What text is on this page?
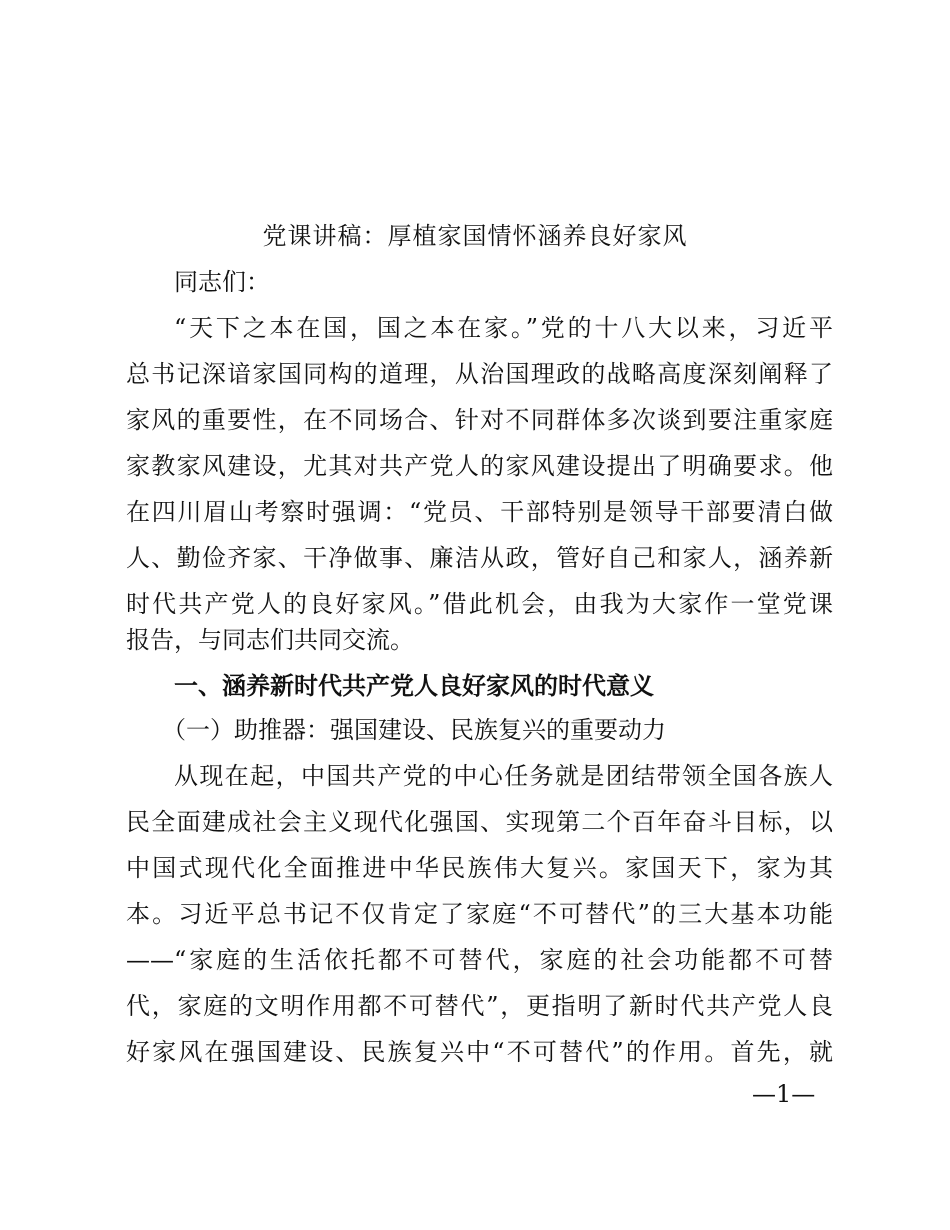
党课讲稿：厚植家国情怀涵养良好家风
同志们：
“天下之本在国，国之本在家。”党的十八大以来，习近平
总书记深谙家国同构的道理，从治国理政的战略高度深刻阐释了
家风的重要性，在不同场合、针对不同群体多次谈到要注重家庭
家教家风建设，尤其对共产党人的家风建设提出了明确要求。他
在四川眉山考察时强调：“党员、干部特别是领导干部要清白做
人、勤俭齐家、干净做事、廉洁从政，管好自己和家人，涵养新
时代共产党人的良好家风。”借此机会，由我为大家作一堂党课
报告，与同志们共同交流。
一、涵养新时代共产党人良好家风的时代意义
（一）助推器：强国建设、民族复兴的重要动力
从现在起，中国共产党的中心任务就是团结带领全国各族人
民全面建成社会主义现代化强国、实现第二个百年奋斗目标，以
中国式现代化全面推进中华民族伟大复兴。家国天下，家为其
本。习近平总书记不仅肯定了家庭“不可替代”的三大基本功能
——“家庭的生活依托都不可替代，家庭的社会功能都不可替
代，家庭的文明作用都不可替代”，更指明了新时代共产党人良
好家风在强国建设、民族复兴中“不可替代”的作用。首先，就
—1—
